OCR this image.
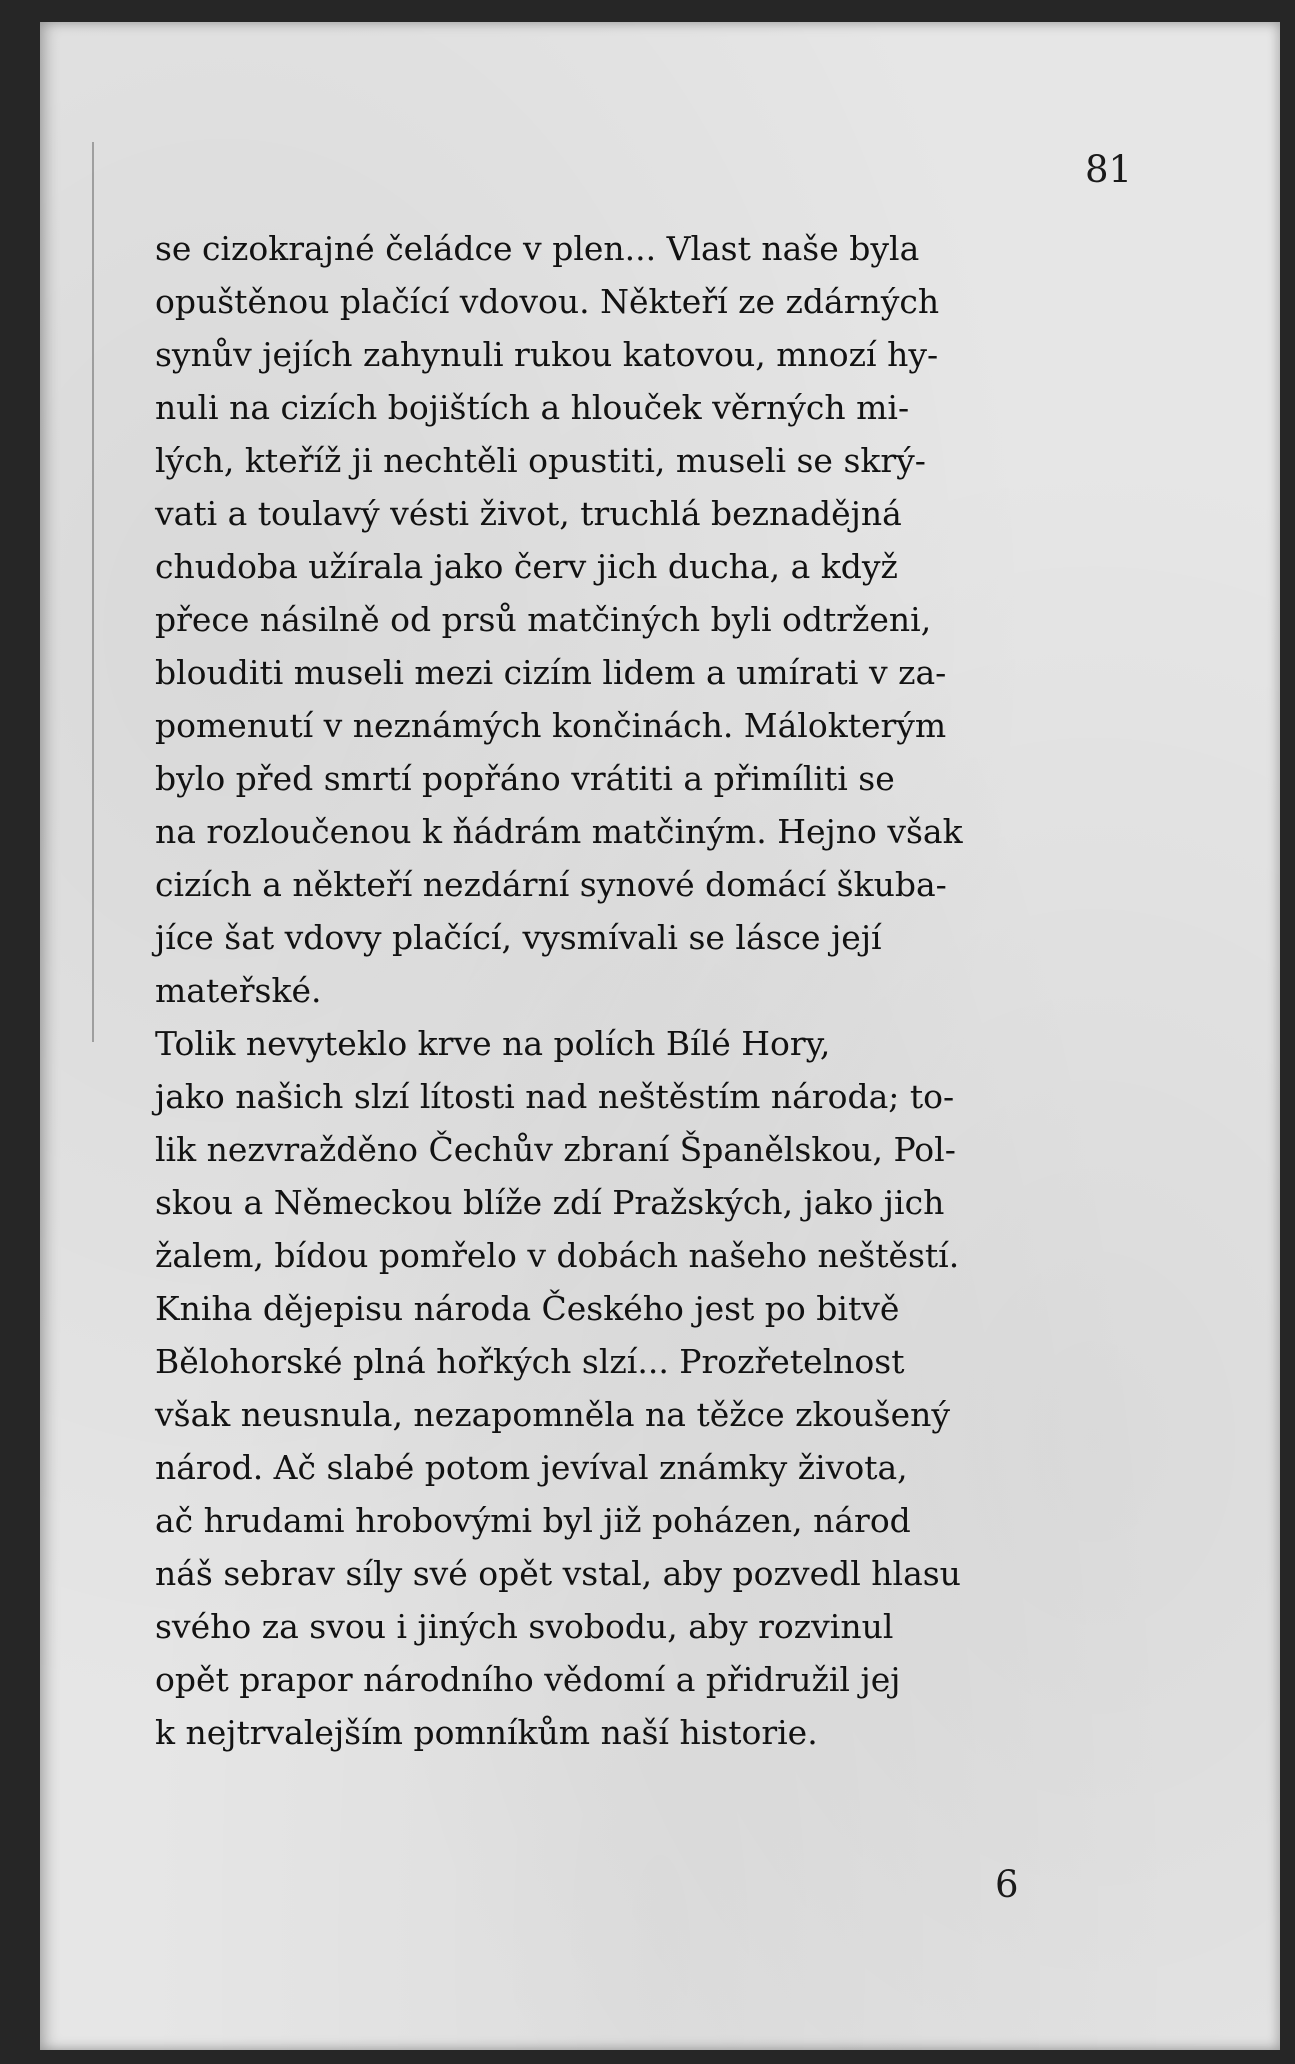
81

se cizokrajné čeládce v plen... Vlast naše byla
opuštěnou plačící vdovou. Někteří ze zdárných
synův jejích zahynuli rukou katovou, mnozí hy-
nuli na cizích bojištích a hlouček věrných mi-
lých, kteříž ji nechtěli opustiti, museli se skrý-
vati a toulavý vésti život, truchlá beznadějná
chudoba užírala jako červ jich ducha, a když
přece násilně od prsů matčiných byli odtrženi,
blouditi museli mezi cizím lidem a umírati v za-
pomenutí v neznámých končinách. Málokterým
bylo před smrtí popřáno vrátiti a přimíliti se
na rozloučenou k ňádrám matčiným. Hejno však
cizích a někteří nezdární synové domácí škuba-
jíce šat vdovy plačící, vysmívali se lásce její
mateřské.

Tolik nevyteklo krve na polích Bílé Hory,
jako našich slzí lítosti nad neštěstím národa; to-
lik nezvražděno Čechův zbraní Španělskou, Pol-
skou a Německou blíže zdí Pražských, jako jich
žalem, bídou pomřelo v dobách našeho neštěstí.

Kniha dějepisu národa Českého jest po bitvě
Bělohorské plná hořkých slzí... Prozřetelnost
však neusnula, nezapomněla na těžce zkoušený
národ. Ač slabé potom jevíval známky života,
ač hrudami hrobovými byl již poházen, národ
náš sebrav síly své opět vstal, aby pozvedl hlasu
svého za svou i jiných svobodu, aby rozvinul
opět prapor národního vědomí a přidružil jej
k nejtrvalejším pomníkům naší historie.

6
